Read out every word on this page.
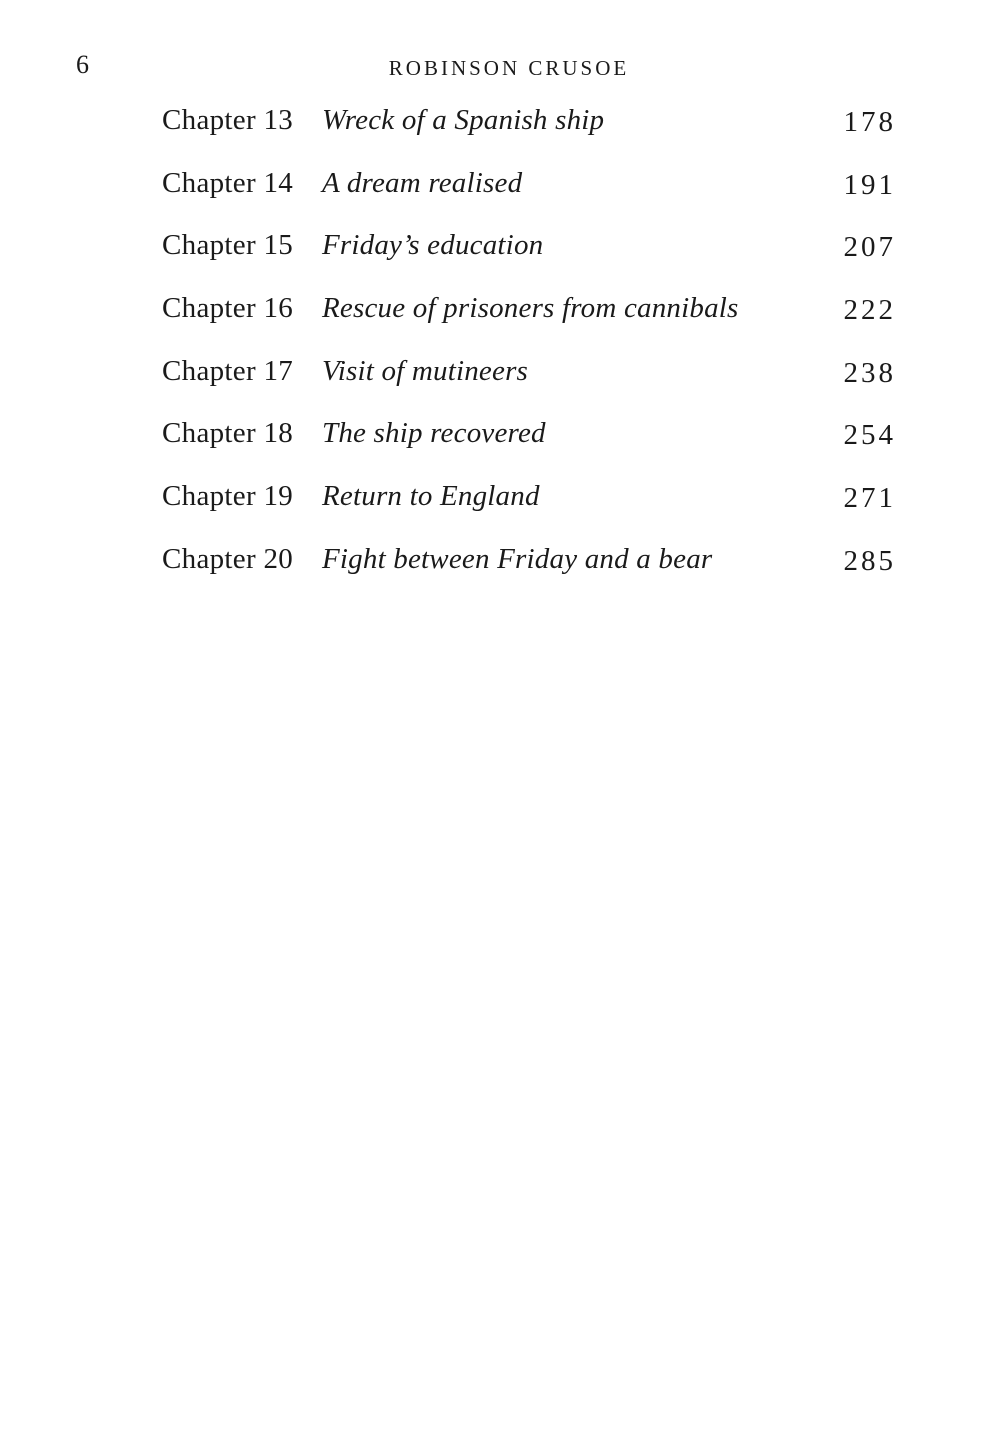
6	ROBINSON CRUSOE
Chapter 13 Wreck of a Spanish ship	178
Chapter 14 A dream realised	191
Chapter 15 Friday’s education	207
Chapter 16 Rescue of prisoners from cannibals	222
Chapter 17 Visit of mutineers	238
Chapter 18 The ship recovered	254
Chapter 19 Return to England	271
Chapter 20 Fight between Friday and a bear	285
